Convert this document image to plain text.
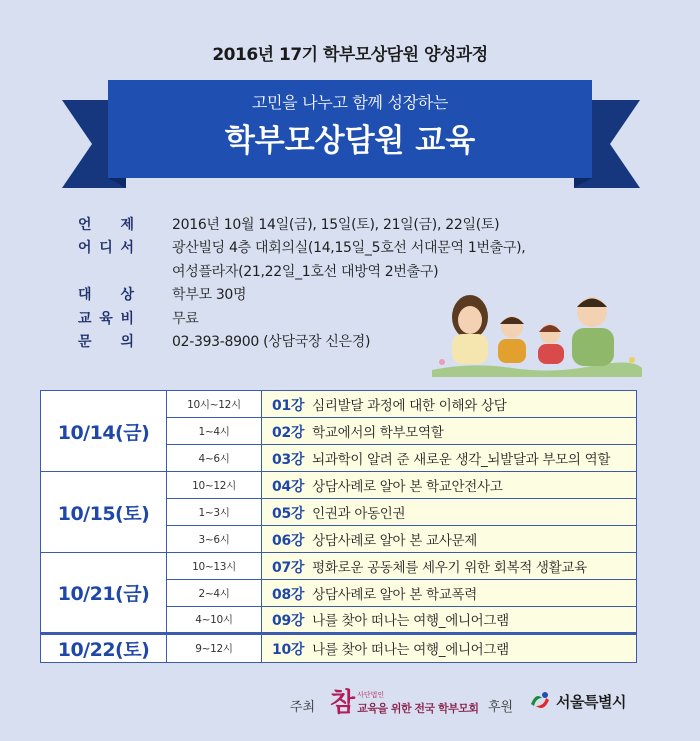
2016년 17기 학부모상담원 양성과정
고민을 나누고 함께 성장하는
학부모상담원 교육
언 제	2016년 10월 14일(금), 15일(토), 21일(금), 22일(토)
어 디 서	광산빌딩 4층 대회의실(14,15일_5호선 서대문역 1번출구),
여성플라자(21,22일_1호선 대방역 2번출구)
대 상	학부모 30명
교 육 비	무료
문 의	02-393-8900 (상담국장 신은경)
10/14(금)	10시~12시	01강 심리발달 과정에 대한 이해와 상담
	1~4시	02강 학교에서의 학부모역할
	4~6시	03강 뇌과학이 알려 준 새로운 생각_뇌발달과 부모의 역할
10/15(토)	10~12시	04강 상담사례로 알아 본 학교안전사고
	1~3시	05강 인권과 아동인권
	3~6시	06강 상담사례로 알아 본 교사문제
10/21(금)	10~13시	07강 평화로운 공동체를 세우기 위한 회복적 생활교육
	2~4시	08강 상담사례로 알아 본 학교폭력
	4~10시	09강 나를 찾아 떠나는 여행_에니어그램
10/22(토)	9~12시	10강 나를 찾아 떠나는 여행_에니어그램
주최 참 사단법인
교육을 위한 전국 학부모회 후원	서울특별시
